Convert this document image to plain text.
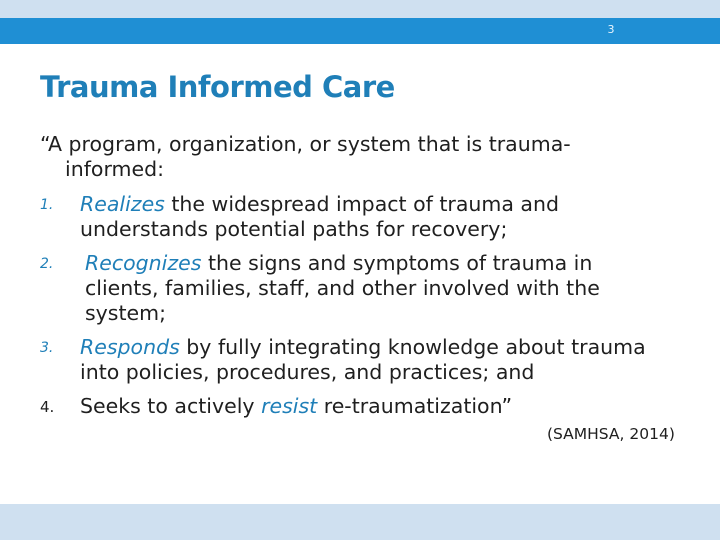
3
Trauma Informed Care
“A program, organization, or system that is trauma-
informed:
1. Realizes the widespread impact of trauma and
understands potential paths for recovery;
2. Recognizes the signs and symptoms of trauma in
clients, families, staff, and other involved with the
system;
3. Responds by fully integrating knowledge about trauma
into policies, procedures, and practices; and
4. Seeks to actively resist re-traumatization”
(SAMHSA, 2014)
